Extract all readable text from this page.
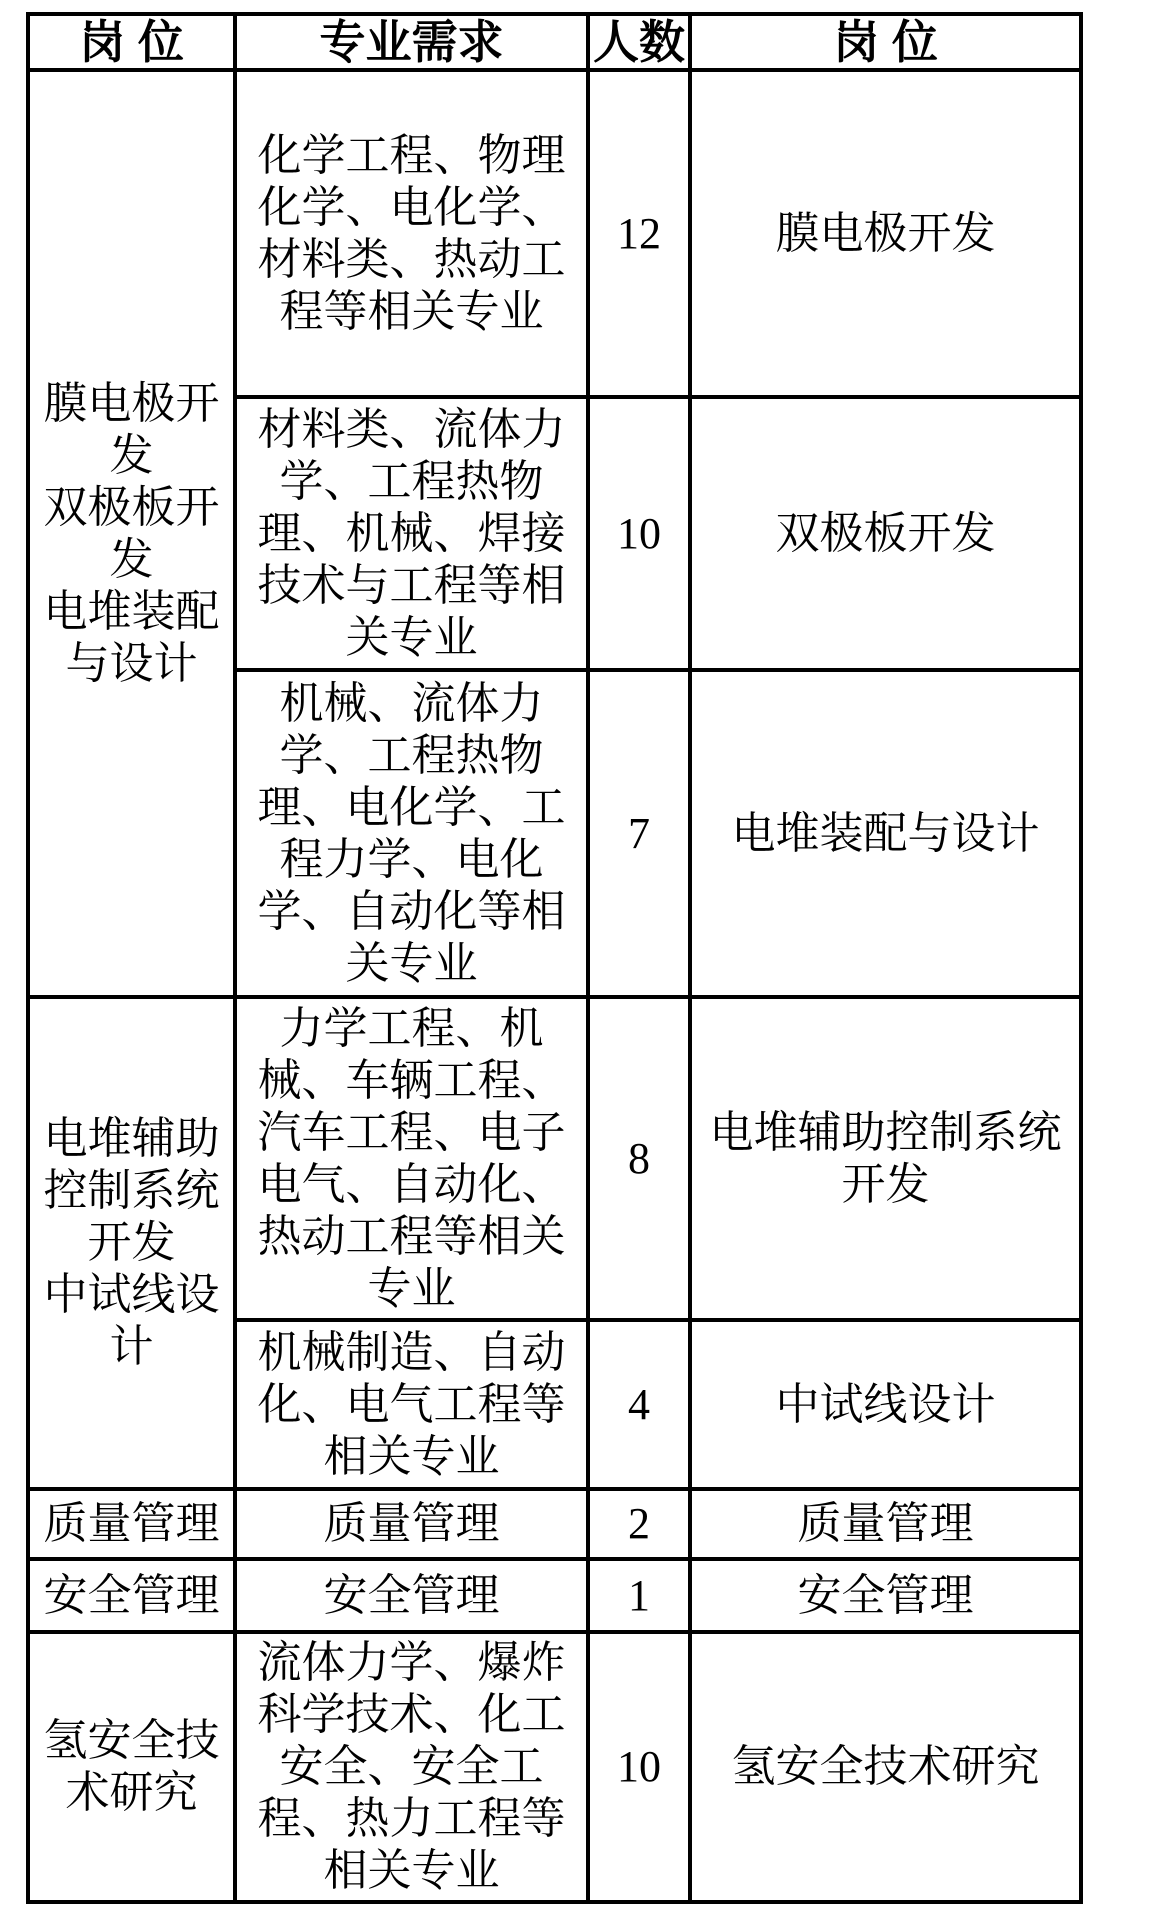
岗 位	专业需求	人数	岗 位

膜电极开发
双极板开发
电堆装配与设计	化学工程、物理化学、电化学、材料类、热动工程等相关专业	12	膜电极开发
	材料类、流体力学、工程热物理、机械、焊接技术与工程等相关专业	10	双极板开发
	机械、流体力学、工程热物理、电化学、工程力学、电化学、自动化等相关专业	7	电堆装配与设计

电堆辅助控制系统开发
中试线设计	力学工程、机械、车辆工程、汽车工程、电子电气、自动化、热动工程等相关专业	8	电堆辅助控制系统开发
	机械制造、自动化、电气工程等相关专业	4	中试线设计
质量管理	质量管理	2	质量管理
安全管理	安全管理	1	安全管理
氢安全技术研究	流体力学、爆炸科学技术、化工安全、安全工程、热力工程等相关专业	10	氢安全技术研究
